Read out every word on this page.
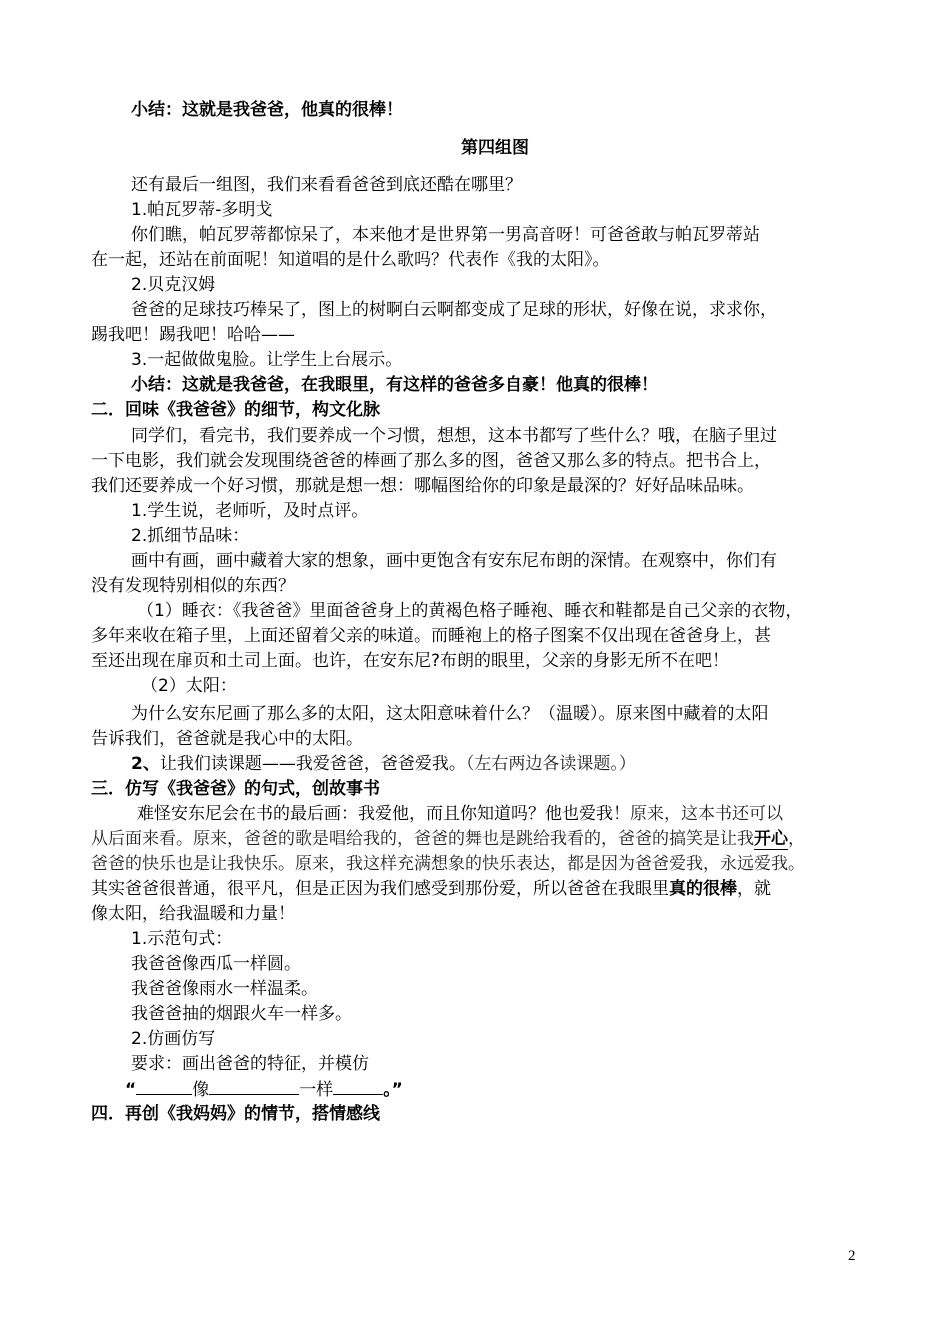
小结：这就是我爸爸，他真的很棒！
第四组图
还有最后一组图，我们来看看爸爸到底还酷在哪里？
1.帕瓦罗蒂-多明戈
你们瞧，帕瓦罗蒂都惊呆了，本来他才是世界第一男高音呀！可爸爸敢与帕瓦罗蒂站
在一起，还站在前面呢！知道唱的是什么歌吗？代表作《我的太阳》。
2.贝克汉姆
爸爸的足球技巧棒呆了，图上的树啊白云啊都变成了足球的形状，好像在说，求求你，
踢我吧！踢我吧！哈哈——
3.一起做做鬼脸。让学生上台展示。
小结：这就是我爸爸，在我眼里，有这样的爸爸多自豪！他真的很棒！
二．回味《我爸爸》的细节，构文化脉
同学们，看完书，我们要养成一个习惯，想想，这本书都写了些什么？哦，在脑子里过
一下电影，我们就会发现围绕爸爸的棒画了那么多的图，爸爸又那么多的特点。把书合上，
我们还要养成一个好习惯，那就是想一想：哪幅图给你的印象是最深的？好好品味品味。
1.学生说，老师听，及时点评。
2.抓细节品味：
画中有画，画中藏着大家的想象，画中更饱含有安东尼布朗的深情。在观察中，你们有
没有发现特别相似的东西？
（1）睡衣：《我爸爸》里面爸爸身上的黄褐色格子睡袍、睡衣和鞋都是自己父亲的衣物，
多年来收在箱子里，上面还留着父亲的味道。而睡袍上的格子图案不仅出现在爸爸身上，甚
至还出现在扉页和土司上面。也许，在安东尼?布朗的眼里，父亲的身影无所不在吧！
（2）太阳：
为什么安东尼画了那么多的太阳，这太阳意味着什么？（温暖）。原来图中藏着的太阳
告诉我们，爸爸就是我心中的太阳。
2、让我们读课题——我爱爸爸，爸爸爱我。（左右两边各读课题。）
三．仿写《我爸爸》的句式，创故事书
难怪安东尼会在书的最后画：我爱他，而且你知道吗？他也爱我！原来，这本书还可以
从后面来看。原来，爸爸的歌是唱给我的，爸爸的舞也是跳给我看的，爸爸的搞笑是让我开心，
爸爸的快乐也是让我快乐。原来，我这样充满想象的快乐表达，都是因为爸爸爱我，永远爱我。
其实爸爸很普通，很平凡，但是正因为我们感受到那份爱，所以爸爸在我眼里真的很棒，就
像太阳，给我温暖和力量！
1.示范句式：
我爸爸像西瓜一样圆。
我爸爸像雨水一样温柔。
我爸爸抽的烟跟火车一样多。
2.仿画仿写
要求：画出爸爸的特征，并模仿
“	像	一样	。”
四．再创《我妈妈》的情节，搭情感线
2
